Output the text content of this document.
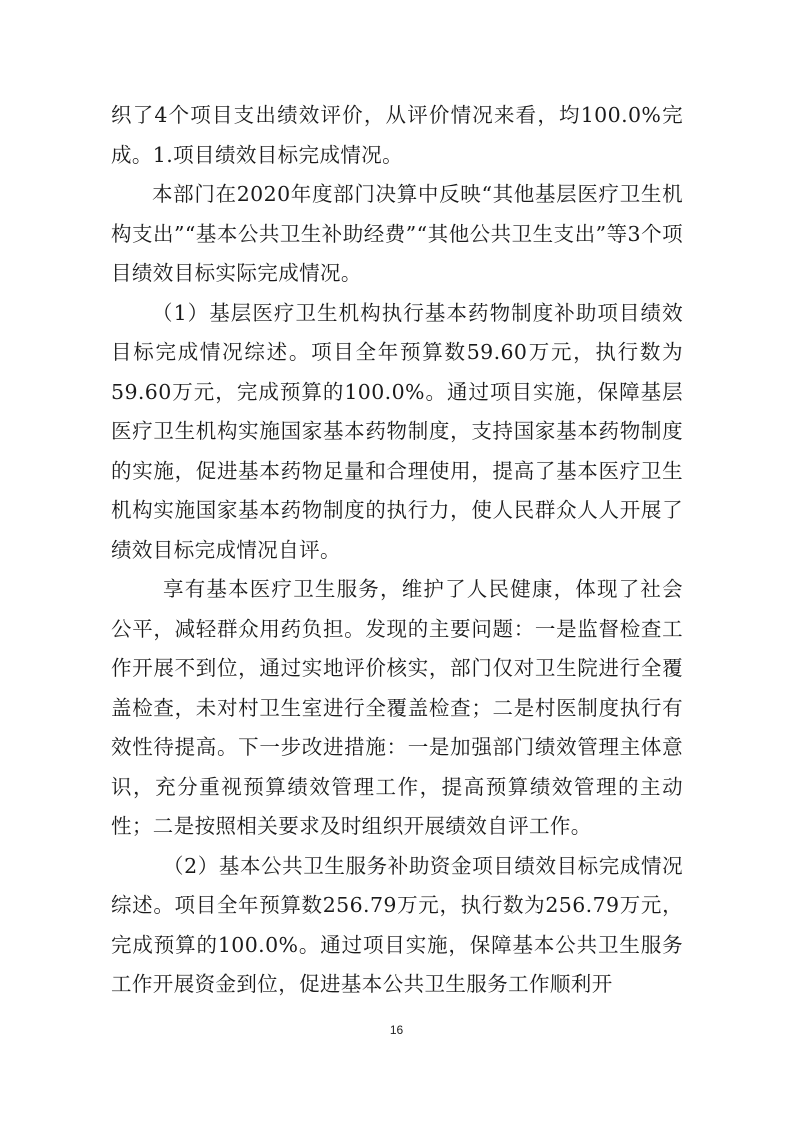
织了4个项目支出绩效评价，从评价情况来看，均100.0%完成。1.项目绩效目标完成情况。

本部门在2020年度部门决算中反映“其他基层医疗卫生机构支出”“基本公共卫生补助经费”“其他公共卫生支出”等3个项目绩效目标实际完成情况。

（1）基层医疗卫生机构执行基本药物制度补助项目绩效目标完成情况综述。项目全年预算数59.60万元，执行数为59.60万元，完成预算的100.0%。通过项目实施，保障基层医疗卫生机构实施国家基本药物制度，支持国家基本药物制度的实施，促进基本药物足量和合理使用，提高了基本医疗卫生机构实施国家基本药物制度的执行力，使人民群众人人开展了绩效目标完成情况自评。

享有基本医疗卫生服务，维护了人民健康，体现了社会公平，减轻群众用药负担。发现的主要问题：一是监督检查工作开展不到位，通过实地评价核实，部门仅对卫生院进行全覆盖检查，未对村卫生室进行全覆盖检查；二是村医制度执行有效性待提高。下一步改进措施：一是加强部门绩效管理主体意识，充分重视预算绩效管理工作，提高预算绩效管理的主动性；二是按照相关要求及时组织开展绩效自评工作。

（2）基本公共卫生服务补助资金项目绩效目标完成情况综述。项目全年预算数256.79万元，执行数为256.79万元，完成预算的100.0%。通过项目实施，保障基本公共卫生服务工作开展资金到位，促进基本公共卫生服务工作顺利开

16
